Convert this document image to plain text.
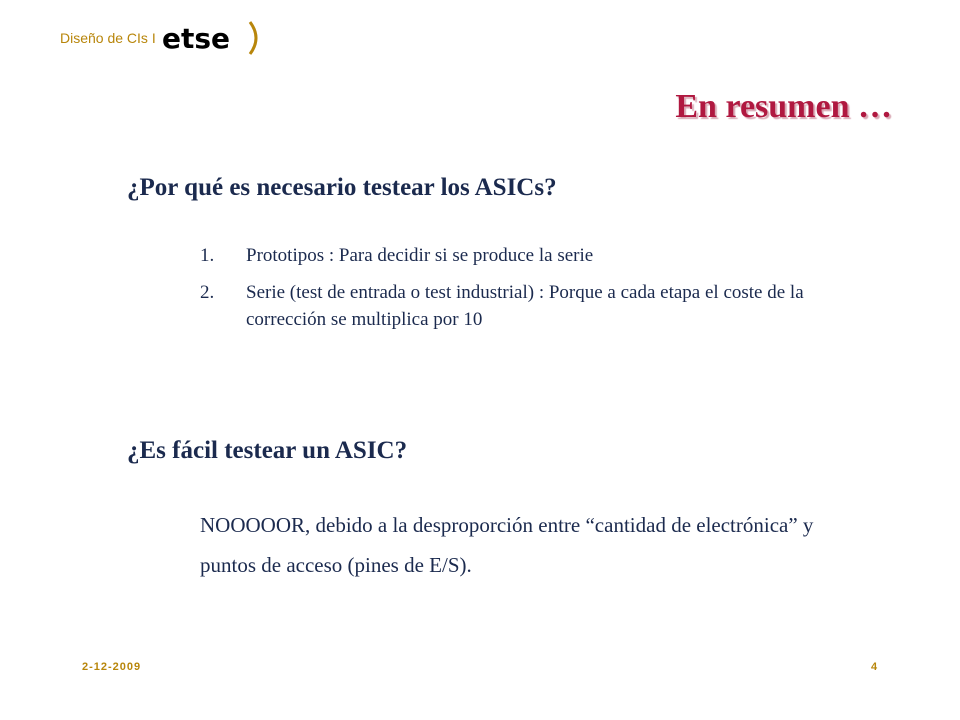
Diseño de CIs I etse
En resumen …
¿Por qué es necesario testear los ASICs?
1.	Prototipos : Para decidir si se produce la serie
2.	Serie (test de entrada o test industrial) : Porque a cada etapa el coste de la corrección se multiplica por 10
¿Es fácil testear un ASIC?

NOOOOOR, debido a la desproporción entre “cantidad de electrónica” y puntos de acceso (pines de E/S).

2-12-2009	4
